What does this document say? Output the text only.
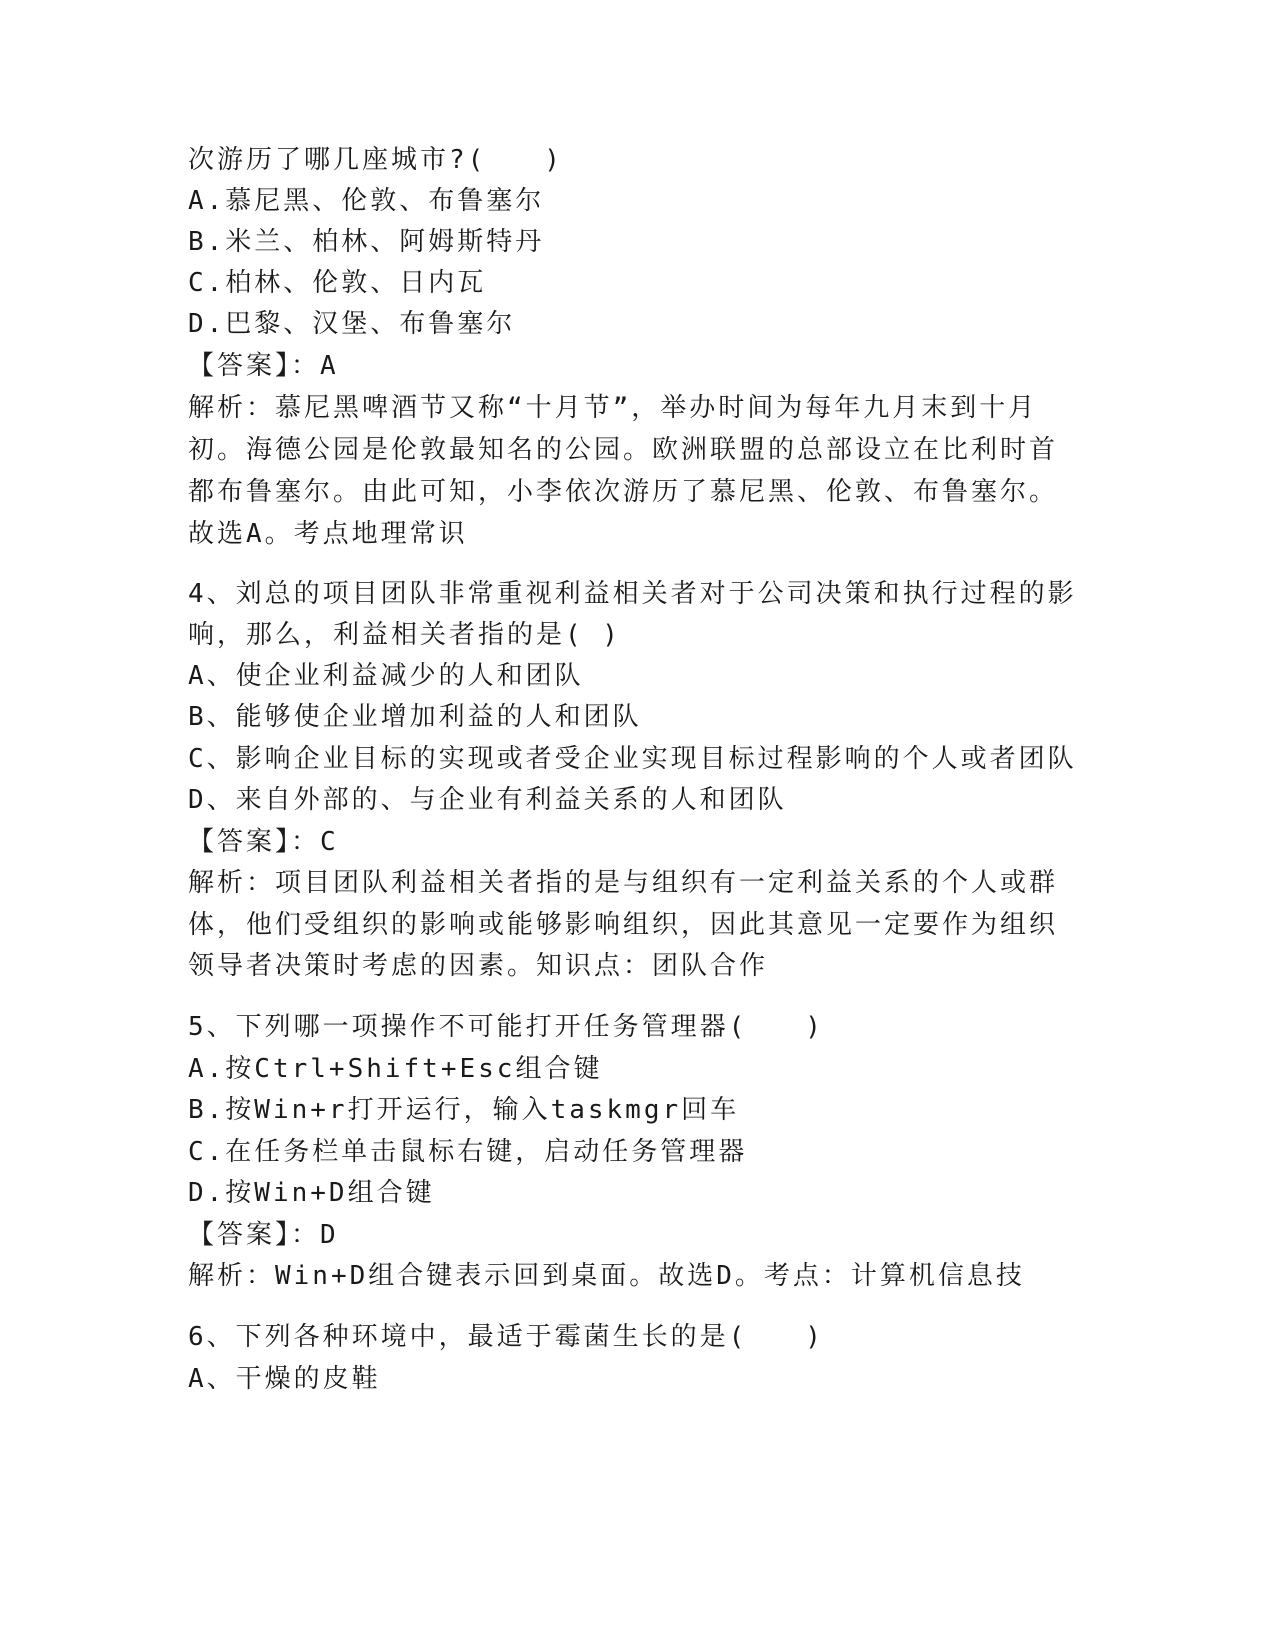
次游历了哪几座城市?(　　)
A.慕尼黑、伦敦、布鲁塞尔
B.米兰、柏林、阿姆斯特丹
C.柏林、伦敦、日内瓦
D.巴黎、汉堡、布鲁塞尔
【答案】：A
解析：慕尼黑啤酒节又称“十月节”，举办时间为每年九月末到十月
初。海德公园是伦敦最知名的公园。欧洲联盟的总部设立在比利时首
都布鲁塞尔。由此可知，小李依次游历了慕尼黑、伦敦、布鲁塞尔。
故选A。考点地理常识
4、刘总的项目团队非常重视利益相关者对于公司决策和执行过程的影
响，那么，利益相关者指的是( )
A、使企业利益减少的人和团队
B、能够使企业增加利益的人和团队
C、影响企业目标的实现或者受企业实现目标过程影响的个人或者团队
D、来自外部的、与企业有利益关系的人和团队
【答案】：C
解析：项目团队利益相关者指的是与组织有一定利益关系的个人或群
体，他们受组织的影响或能够影响组织，因此其意见一定要作为组织
领导者决策时考虑的因素。知识点：团队合作
5、下列哪一项操作不可能打开任务管理器(　　)
A.按Ctrl+Shift+Esc组合键
B.按Win+r打开运行，输入taskmgr回车
C.在任务栏单击鼠标右键，启动任务管理器
D.按Win+D组合键
【答案】：D
解析：Win+D组合键表示回到桌面。故选D。考点：计算机信息技
6、下列各种环境中，最适于霉菌生长的是(　　)
A、干燥的皮鞋
